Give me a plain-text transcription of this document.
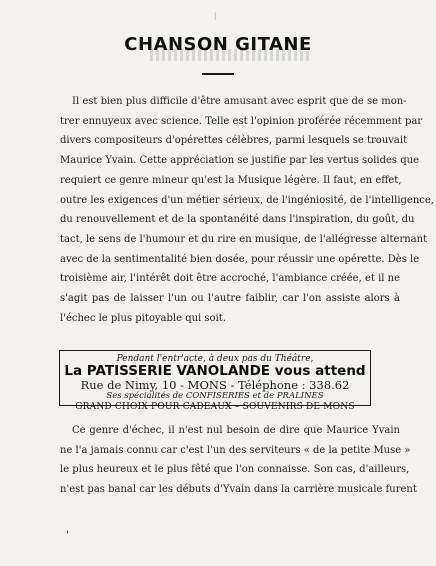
|
CHANSON GITANE
Il est bien plus difficile d'être amusant avec esprit que de se mon-
trer ennuyeux avec science. Telle est l'opinion proférée récemment par
divers compositeurs d'opérettes célèbres, parmi lesquels se trouvait
Maurice Yvain. Cette appréciation se justifie par les vertus solides que
requiert ce genre mineur qu'est la Musique légère. Il faut, en effet,
outre les exigences d'un métier sérieux, de l'ingéniosité, de l'intelligence,
du renouvellement et de la spontanéité dans l'inspiration, du goût, du
tact, le sens de l'humour et du rire en musique, de l'allégresse alternant
avec de la sentimentalité bien dosée, pour réussir une opérette. Dès le
troisième air, l'intérêt doit être accroché, l'ambiance créée, et il ne
s'agit pas de laisser l'un ou l'autre faiblir, car l'on assiste alors à
l'échec le plus pitoyable qui soit.
Pendant l'entr'acte, à deux pas du Théâtre,
La PATISSERIE VANOLANDE vous attend
Rue de Nimy, 10 - MONS - Téléphone : 338.62
Ses spécialités de CONFISERIES et de PRALINES
GRAND CHOIX POUR CADEAUX – SOUVENIRS DE MONS
Ce genre d'échec, il n'est nul besoin de dire que Maurice Yvain
ne l'a jamais connu car c'est l'un des serviteurs « de la petite Muse »
le plus heureux et le plus fêté que l'on connaisse. Son cas, d'ailleurs,
n'est pas banal car les débuts d'Yvain dans la carrière musicale furent
'
